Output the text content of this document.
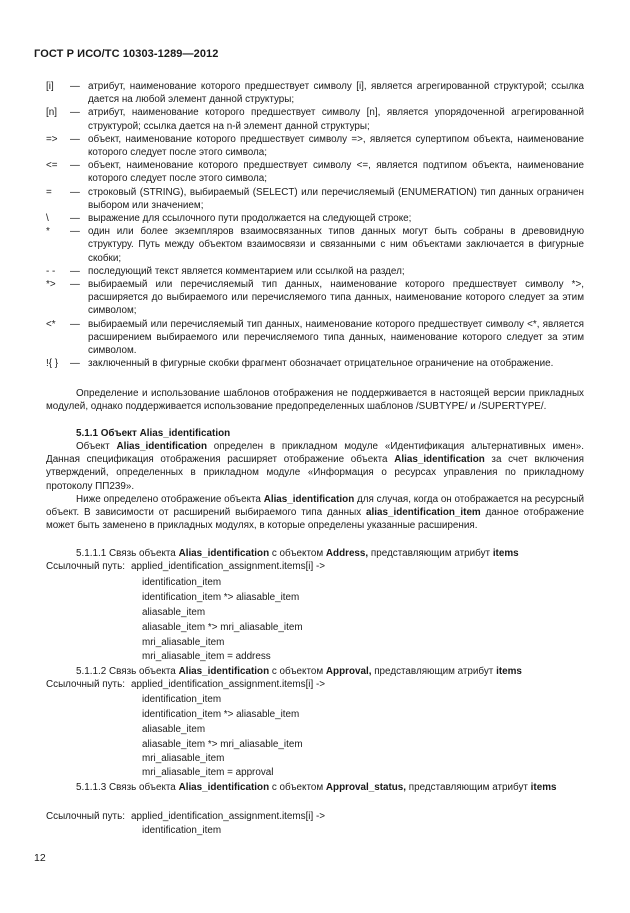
ГОСТ Р ИСО/ТС 10303-1289—2012
[i]	— атрибут, наименование которого предшествует символу [i], является агрегированной структурой; ссылка дается на любой элемент данной структуры;
[n]	— атрибут, наименование которого предшествует символу [n], является упорядоченной агрегированной структурой; ссылка дается на n-й элемент данной структуры;
=>	— объект, наименование которого предшествует символу =>, является супертипом объекта, наименование которого следует после этого символа;
<=	— объект, наименование которого предшествует символу <=, является подтипом объекта, наименование которого следует после этого символа;
=	— строковый (STRING), выбираемый (SELECT) или перечисляемый (ENUMERATION) тип данных ограничен выбором или значением;
\	— выражение для ссылочного пути продолжается на следующей строке;
*	— один или более экземпляров взаимосвязанных типов данных могут быть собраны в древовидную структуру. Путь между объектом взаимосвязи и связанными с ним объектами заключается в фигурные скобки;
- -	— последующий текст является комментарием или ссылкой на раздел;
*>	— выбираемый или перечисляемый тип данных, наименование которого предшествует символу *>, расширяется до выбираемого или перечисляемого типа данных, наименование которого следует за этим символом;
<*	— выбираемый или перечисляемый тип данных, наименование которого предшествует символу <*, является расширением выбираемого или перечисляемого типа данных, наименование которого следует за этим символом.
!{ }	— заключенный в фигурные скобки фрагмент обозначает отрицательное ограничение на отображение.
Определение и использование шаблонов отображения не поддерживается в настоящей версии прикладных модулей, однако поддерживается использование предопределенных шаблонов /SUBTYPE/ и /SUPERTYPE/.
5.1.1 Объект Alias_identification
Объект Alias_identification определен в прикладном модуле «Идентификация альтернативных имен». Данная спецификация отображения расширяет отображение объекта Alias_identification за счет включения утверждений, определенных в прикладном модуле «Информация о ресурсах управления по прикладному протоколу ПП239».
Ниже определено отображение объекта Alias_identification для случая, когда он отображается на ресурсный объект. В зависимости от расширений выбираемого типа данных alias_identification_item данное отображение может быть заменено в прикладных модулях, в которые определены указанные расширения.
5.1.1.1 Связь объекта Alias_identification с объектом Address, представляющим атрибут items
Ссылочный путь: applied_identification_assignment.items[i] ->
identification_item
identification_item *> aliasable_item
aliasable_item
aliasable_item *> mri_aliasable_item
mri_aliasable_item
mri_aliasable_item = address
5.1.1.2 Связь объекта Alias_identification с объектом Approval, представляющим атрибут items
Ссылочный путь: applied_identification_assignment.items[i] ->
identification_item
identification_item *> aliasable_item
aliasable_item
aliasable_item *> mri_aliasable_item
mri_aliasable_item
mri_aliasable_item = approval
5.1.1.3 Связь объекта Alias_identification с объектом Approval_status, представляющим атрибут items
Ссылочный путь: applied_identification_assignment.items[i] ->
identification_item
12
